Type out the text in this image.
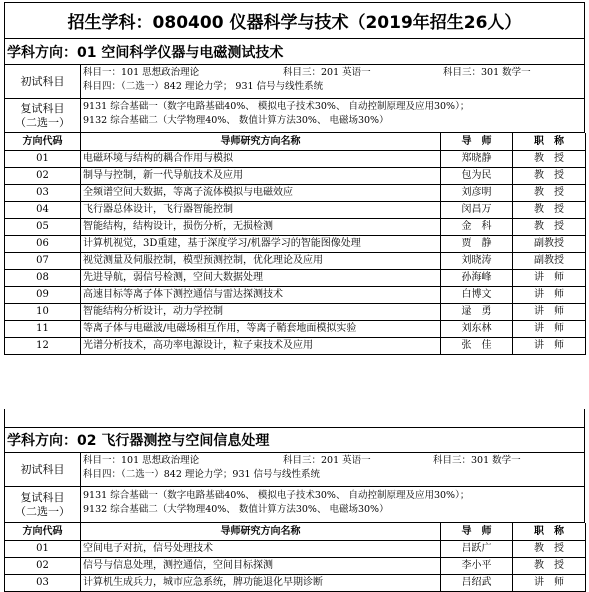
招生学科：080400 仪器科学与技术（2019年招生26人）
学科方向：01 空间科学仪器与电磁测试技术
初试科目
科目一：101 思想政治理论	科目三：201 英语一	科目三：301 数学一
科目四：（二选一）842 理论力学； 931 信号与线性系统
复试科目
（二选一）
9131 综合基础一（数字电路基础40%、 模拟电子技术30%、 自动控制原理及应用30%）；
9132 综合基础二（大学物理40%、 数值计算方法30%、 电磁场30%）
方向代码	导师研究方向名称	导　师	职　称
01	电磁环境与结构的耦合作用与模拟	郑晓静	教　授
02	制导与控制，新一代导航技术及应用	包为民	教　授
03	全频谱空间大数据，等离子流体模拟与电磁效应	刘彦明	教　授
04	飞行器总体设计，飞行器智能控制	闵昌万	教　授
05	智能结构，结构设计，损伤分析，无损检测	金　科	教　授
06	计算机视觉，3D重建，基于深度学习/机器学习的智能图像处理	贾　静	副教授
07	视觉测量及伺服控制，模型预测控制，优化理论及应用	刘晓涛	副教授
08	先进导航，弱信号检测，空间大数据处理	孙海峰	讲　师
09	高速目标等离子体下测控通信与雷达探测技术	白博文	讲　师
10	智能结构分析设计，动力学控制	逯　勇	讲　师
11	等离子体与电磁波/电磁场相互作用，等离子鞘套地面模拟实验	刘东林	讲　师
12	光谱分析技术，高功率电源设计，粒子束技术及应用	张　佳	讲　师
学科方向：02 飞行器测控与空间信息处理
初试科目
科目一：101 思想政治理论	科目三：201 英语一	科目三：301 数学一
科目四：（二选一）842 理论力学；931 信号与线性系统
复试科目
（二选一）
9131 综合基础一（数字电路基础40%、 模拟电子技术30%、 自动控制原理及应用30%）；
9132 综合基础二（大学物理40%、 数值计算方法30%、 电磁场30%）
方向代码	导师研究方向名称	导　师	职　称
01	空间电子对抗，信号处理技术	吕跃广	教　授
02	信号与信息处理，测控通信，空间目标探测	李小平	教　授
03	计算机生成兵力，城市应急系统，牌功能退化早期诊断	吕绍武	讲　师
